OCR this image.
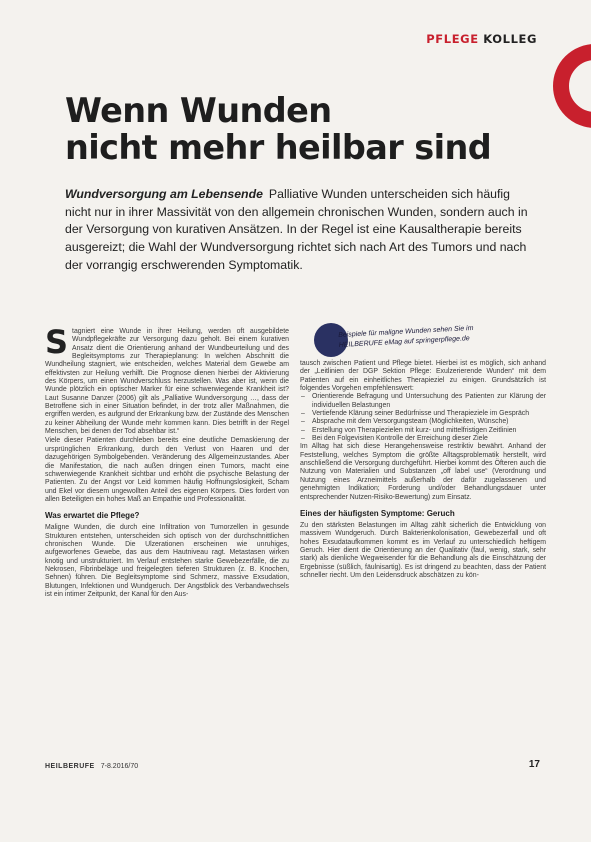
PFLEGE KOLLEG
Wenn Wunden
nicht mehr heilbar sind

Wundversorgung am Lebensende Palliative Wunden unterscheiden sich häufig nicht nur in ihrer Massivität von den allgemein chronischen Wunden, sondern auch in der Versorgung von kurativen Ansätzen. In der Regel ist eine Kausaltherapie bereits ausgereizt; die Wahl der Wundversorgung richtet sich nach Art des Tumors und nach der vorrangig erschwerenden Symptomatik.

Beispiele für maligne Wunden sehen Sie im HEILBERUFE eMag auf springerpflege.de

Stagniert eine Wunde in ihrer Heilung, werden oft ausgebildete Wundpflegekräfte zur Versorgung dazu geholt. Bei einem kurativen Ansatz dient die Orientierung anhand der Wundbeurteilung und des Begleitsymptoms zur Therapieplanung: In welchen Abschnitt die Wundheilung stagniert, wie entscheiden, welches Material dem Gewebe am effektivsten zur Heilung verhilft. Die Prognose dienen hierbei der Aktivierung des Körpers, um einen Wundverschluss herzustellen. Was aber ist, wenn die Wunde plötzlich ein optischer Marker für eine schwerwiegende Krankheit ist? Laut Susanne Danzer (2006) gilt als „Palliative Wundversorgung …, dass der Betroffene sich in einer Situation befindet, in der trotz aller Maßnahmen, die ergriffen werden, es aufgrund der Erkrankung bzw. der Zustände des Menschen zu keiner Abheilung der Wunde mehr kommen kann. Dies betrifft in der Regel Menschen, bei denen der Tod absehbar ist.“

Viele dieser Patienten durchleben bereits eine deutliche Demaskierung der ursprünglichen Erkrankung, durch den Verlust von Haaren und der dazugehörigen Symbolgebenden. Veränderung des Allgemeinzustandes. Aber die Manifestation, die nach außen dringen einen Tumors, macht eine schwerwiegende Krankheit sichtbar und erhöht die psychische Belastung der Patienten. Zu der Angst vor Leid kommen häufig Hoffnungslosigkeit, Scham und Ekel vor diesem ungewollten Anteil des eigenen Körpers. Dies fordert von allen Beteiligten ein hohes Maß an Empathie und Professionalität.

Was erwartet die Pflege?

Maligne Wunden, die durch eine Infiltration von Tumorzellen in gesunde Strukturen entstehen, unterscheiden sich optisch von der durchschnittlichen chronischen Wunde. Die Ulzerationen erscheinen wie unruhiges, aufgeworfenes Gewebe, das aus dem Hautniveau ragt. Metastasen wirken knotig und unstrukturiert. Im Verlauf entstehen starke Gewebezerfälle, die zu Nekrosen, Fibrinbeläge und freigelegten tieferen Strukturen (z. B. Knochen, Sehnen) führen. Die Begleitsymptome sind Schmerz, massive Exsudation, Blutungen, Infektionen und Wundgeruch. Der Angstblick des Verbandwechsels ist ein intimer Zeitpunkt, der Kanal für den Aus-

tausch zwischen Patient und Pflege bietet. Hierbei ist es möglich, sich anhand der „Leitlinien der DGP Sektion Pflege: Exulzerierende Wunden“ mit dem Patienten auf ein einheitliches Therapieziel zu einigen. Grundsätzlich ist folgendes Vorgehen empfehlenswert:

– Orientierende Befragung und Untersuchung des Patienten zur Klärung der individuellen Belastungen
– Vertiefende Klärung seiner Bedürfnisse und Therapieziele im Gespräch
– Absprache mit dem Versorgungsteam (Möglichkeiten, Wünsche)
– Erstellung von Therapiezielen mit kurz- und mittelfristigen Zeitlinien
– Bei den Folgevisiten Kontrolle der Erreichung dieser Ziele

Im Alltag hat sich diese Herangehensweise restriktiv bewährt. Anhand der Feststellung, welches Symptom die größte Alltagsproblematik herstellt, wird anschließend die Versorgung durchgeführt. Hierbei kommt des Öfteren auch die Nutzung von Materialien und Substanzen „off label use“ (Verordnung und Nutzung eines Arzneimittels außerhalb der dafür zugelassenen und genehmigten Indikation; Forderung und/oder Behandlungsdauer unter entsprechender Nutzen-Risiko-Bewertung) zum Einsatz.

Eines der häufigsten Symptome: Geruch

Zu den stärksten Belastungen im Alltag zählt sicherlich die Entwicklung von massivem Wundgeruch. Durch Bakterienkolonisation, Gewebezerfall und oft hohes Exsudataufkommen kommt es im Verlauf zu unterschiedlich heftigem Geruch. Hier dient die Orientierung an der Qualitativ (faul, wenig, stark, sehr stark) als dienliche Wegweisender für die Behandlung als die Einschätzung der Ergebnisse (süßlich, fäulnisartig). Es ist dringend zu beachten, dass der Patient schneller riecht. Um den Leidensdruck abschätzen zu kön-

HEILBERUFE 7-8.2016/70	17
